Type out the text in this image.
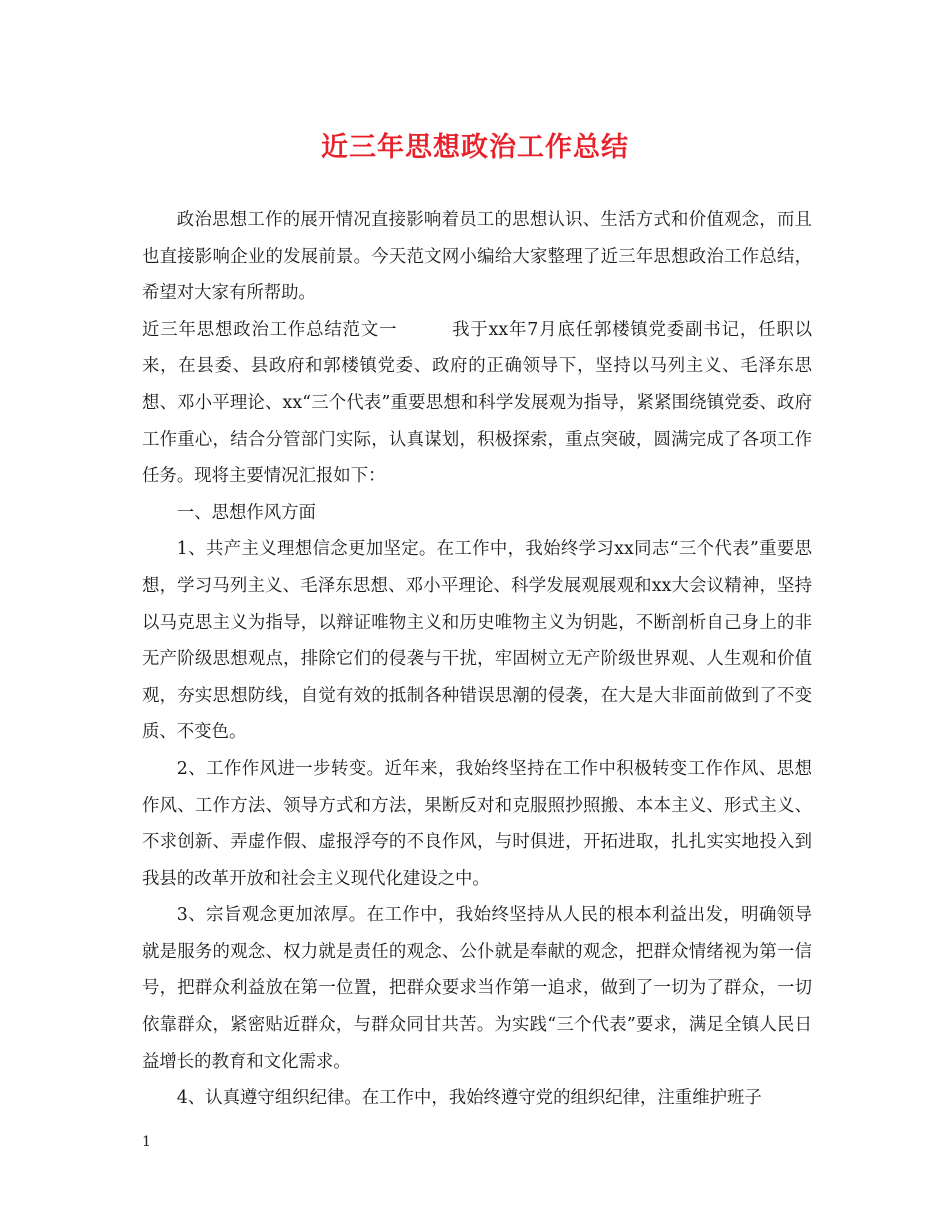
近三年思想政治工作总结

政治思想工作的展开情况直接影响着员工的思想认识、生活方式和价值观念，而且也直接影响企业的发展前景。今天范文网小编给大家整理了近三年思想政治工作总结，希望对大家有所帮助。

近三年思想政治工作总结范文一　　　我于xx年7月底任郭楼镇党委副书记，任职以来，在县委、县政府和郭楼镇党委、政府的正确领导下，坚持以马列主义、毛泽东思想、邓小平理论、xx“三个代表”重要思想和科学发展观为指导，紧紧围绕镇党委、政府工作重心，结合分管部门实际，认真谋划，积极探索，重点突破，圆满完成了各项工作任务。现将主要情况汇报如下：

一、思想作风方面

1、共产主义理想信念更加坚定。在工作中，我始终学习xx同志“三个代表”重要思想，学习马列主义、毛泽东思想、邓小平理论、科学发展观展观和xx大会议精神，坚持以马克思主义为指导，以辩证唯物主义和历史唯物主义为钥匙，不断剖析自己身上的非无产阶级思想观点，排除它们的侵袭与干扰，牢固树立无产阶级世界观、人生观和价值观，夯实思想防线，自觉有效的抵制各种错误思潮的侵袭，在大是大非面前做到了不变质、不变色。

2、工作作风进一步转变。近年来，我始终坚持在工作中积极转变工作作风、思想作风、工作方法、领导方式和方法，果断反对和克服照抄照搬、本本主义、形式主义、不求创新、弄虚作假、虚报浮夸的不良作风，与时俱进，开拓进取，扎扎实实地投入到我县的改革开放和社会主义现代化建设之中。

3、宗旨观念更加浓厚。在工作中，我始终坚持从人民的根本利益出发，明确领导就是服务的观念、权力就是责任的观念、公仆就是奉献的观念，把群众情绪视为第一信号，把群众利益放在第一位置，把群众要求当作第一追求，做到了一切为了群众，一切依靠群众，紧密贴近群众，与群众同甘共苦。为实践“三个代表”要求，满足全镇人民日益增长的教育和文化需求。

4、认真遵守组织纪律。在工作中，我始终遵守党的组织纪律，注重维护班子

1
